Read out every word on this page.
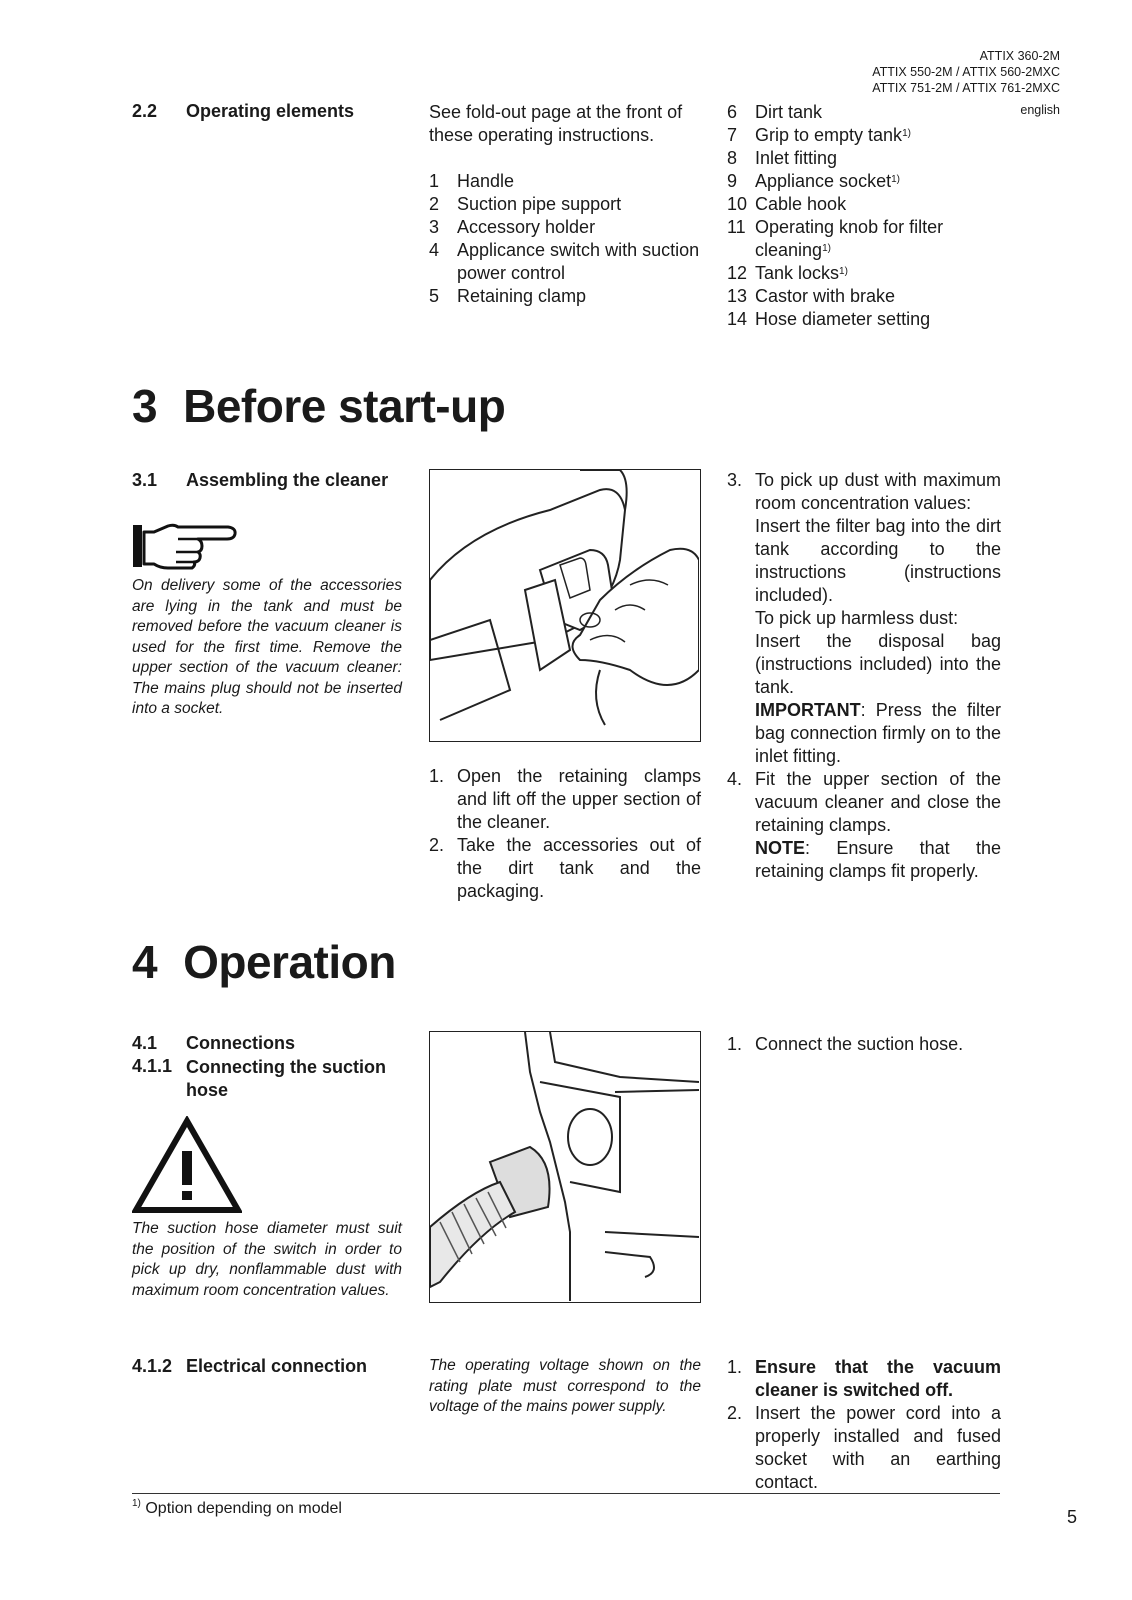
ATTIX 360-2M
ATTIX 550-2M / ATTIX 560-2MXC
ATTIX 751-2M / ATTIX 761-2MXC
english
2.2 Operating elements	See fold-out page at the front of these operating instructions.
1 Handle
2 Suction pipe support
3 Accessory holder
4 Applicance switch with suction power control
5 Retaining clamp
6 Dirt tank
7 Grip to empty tank$^{1)}$
8 Inlet fitting
9 Appliance socket$^{1)}$
10 Cable hook
11 Operating knob for filter cleaning$^{1)}$
12 Tank locks$^{1)}$
13 Castor with brake
14 Hose diameter setting
3 Before start-up
3.1 Assembling the cleaner
On delivery some of the accessories are lying in the tank and must be removed before the vacuum cleaner is used for the first time. Remove the upper section of the vacuum cleaner: The mains plug should not be inserted into a socket.
1. Open the retaining clamps and lift off the upper section of the cleaner.
2. Take the accessories out of the dirt tank and the packaging.
3. To pick up dust with maximum room concentration values:
Insert the filter bag into the dirt tank according to the instructions (instructions included).
To pick up harmless dust:
Insert the disposal bag (instructions included) into the tank.
IMPORTANT: Press the filter bag connection firmly on to the inlet fitting.
4. Fit the upper section of the vacuum cleaner and close the retaining clamps.
NOTE: Ensure that the retaining clamps fit properly.
4 Operation
4.1 Connections
4.1.1 Connecting the suction hose
The suction hose diameter must suit the position of the switch in order to pick up dry, nonflammable dust with maximum room concentration values.
1. Connect the suction hose.
4.1.2 Electrical connection	The operating voltage shown on the rating plate must correspond to the voltage of the mains power supply.
1. Ensure that the vacuum cleaner is switched off.
2. Insert the power cord into a properly installed and fused socket with an earthing contact.
$^{1)}$ Option depending on model	5
